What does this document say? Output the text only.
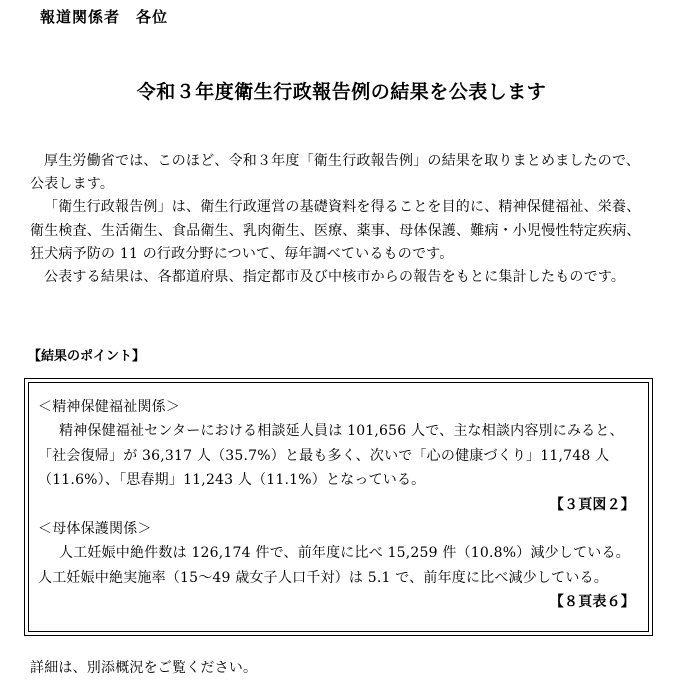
報道関係者　各位
令和３年度衛生行政報告例の結果を公表します

厚生労働省では、このほど、令和３年度「衛生行政報告例」の結果を取りまとめましたので、公表します。

「衛生行政報告例」は、衛生行政運営の基礎資料を得ることを目的に、精神保健福祉、栄養、衛生検査、生活衛生、食品衛生、乳肉衛生、医療、薬事、母体保護、難病・小児慢性特定疾病、狂犬病予防の 11 の行政分野について、毎年調べているものです。

公表する結果は、各都道府県、指定都市及び中核市からの報告をもとに集計したものです。

【結果のポイント】

＜精神保健福祉関係＞

精神保健福祉センターにおける相談延人員は 101,656 人で、主な相談内容別にみると、「社会復帰」が 36,317 人（35.7%）と最も多く、次いで「心の健康づくり」11,748 人（11.6%）、「思春期」11,243 人（11.1%）となっている。

【３頁図２】

＜母体保護関係＞

人工妊娠中絶件数は 126,174 件で、前年度に比べ 15,259 件（10.8%）減少している。人工妊娠中絶実施率（15～49 歳女子人口千対）は 5.1 で、前年度に比べ減少している。

【８頁表６】

詳細は、別添概況をご覧ください。
